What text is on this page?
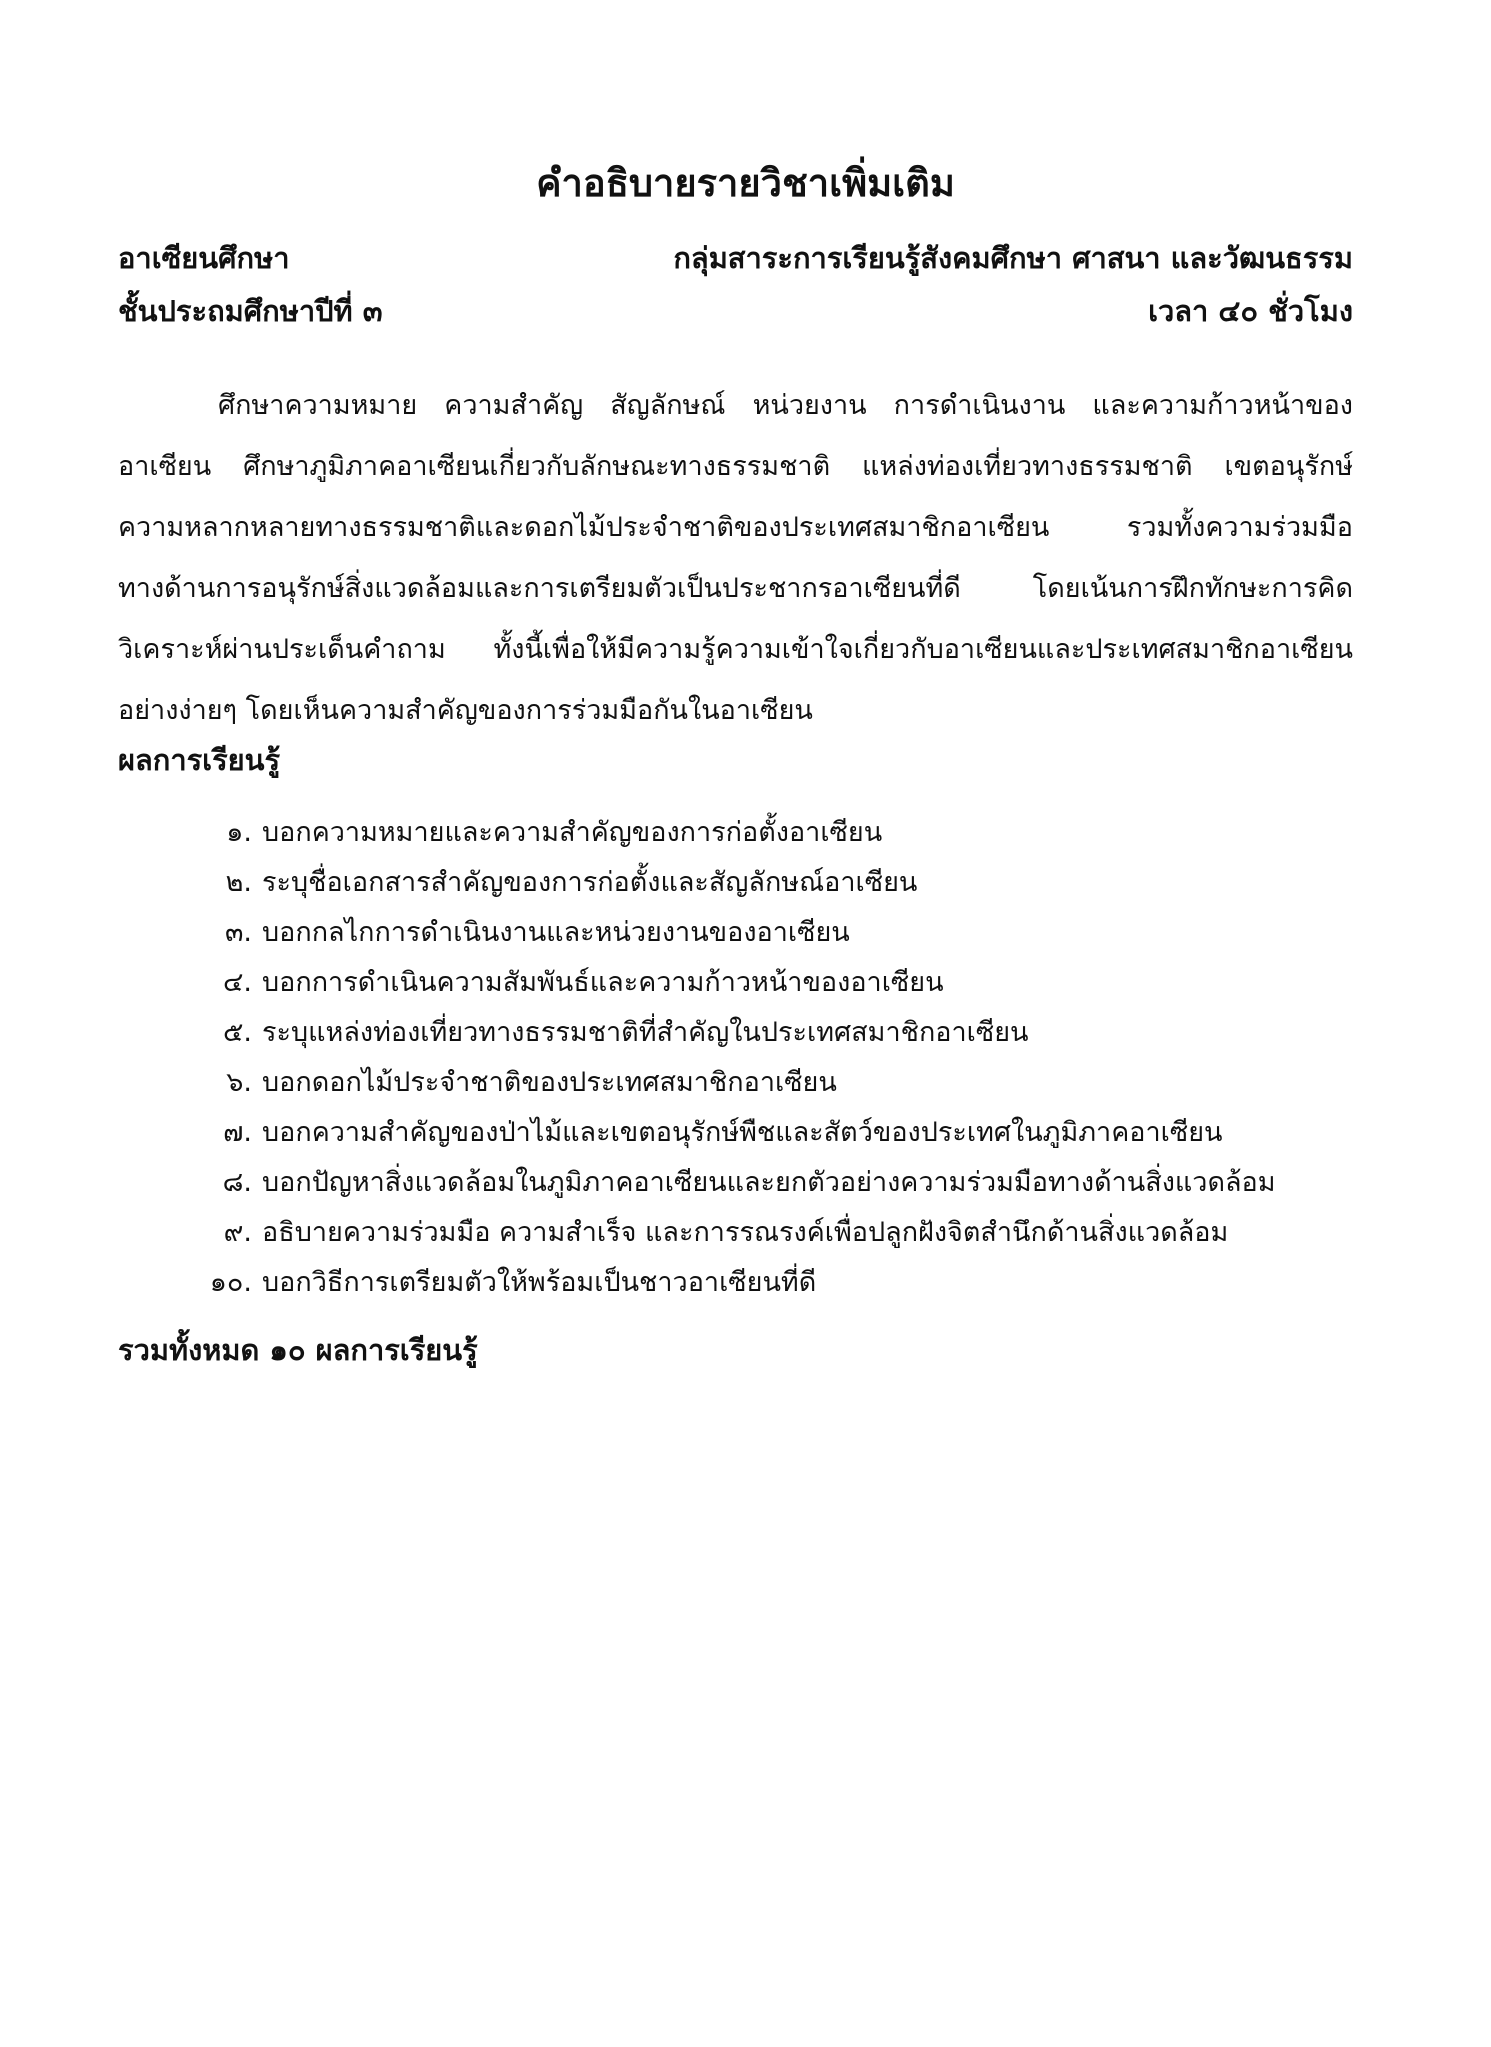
คำอธิบายรายวิชาเพิ่มเติม
อาเซียนศึกษา	กลุ่มสาระการเรียนรู้สังคมศึกษา ศาสนา และวัฒนธรรม
ชั้นประถมศึกษาปีที่ ๓	เวลา ๔๐ ชั่วโมง
ศึกษาความหมาย ความสำคัญ สัญลักษณ์ หน่วยงาน การดำเนินงาน และความก้าวหน้าของ
อาเซียน ศึกษาภูมิภาคอาเซียนเกี่ยวกับลักษณะทางธรรมชาติ แหล่งท่องเที่ยวทางธรรมชาติ เขตอนุรักษ์
ความหลากหลายทางธรรมชาติและดอกไม้ประจำชาติของประเทศสมาชิกอาเซียน รวมทั้งความร่วมมือ
ทางด้านการอนุรักษ์สิ่งแวดล้อมและการเตรียมตัวเป็นประชากรอาเซียนที่ดี โดยเน้นการฝึกทักษะการคิด
วิเคราะห์ผ่านประเด็นคำถาม ทั้งนี้เพื่อให้มีความรู้ความเข้าใจเกี่ยวกับอาเซียนและประเทศสมาชิกอาเซียน
อย่างง่ายๆ โดยเห็นความสำคัญของการร่วมมือกันในอาเซียน
ผลการเรียนรู้
๑. บอกความหมายและความสำคัญของการก่อตั้งอาเซียน
๒. ระบุชื่อเอกสารสำคัญของการก่อตั้งและสัญลักษณ์อาเซียน
๓. บอกกลไกการดำเนินงานและหน่วยงานของอาเซียน
๔. บอกการดำเนินความสัมพันธ์และความก้าวหน้าของอาเซียน
๕. ระบุแหล่งท่องเที่ยวทางธรรมชาติที่สำคัญในประเทศสมาชิกอาเซียน
๖. บอกดอกไม้ประจำชาติของประเทศสมาชิกอาเซียน
๗. บอกความสำคัญของป่าไม้และเขตอนุรักษ์พืชและสัตว์ของประเทศในภูมิภาคอาเซียน
๘. บอกปัญหาสิ่งแวดล้อมในภูมิภาคอาเซียนและยกตัวอย่างความร่วมมือทางด้านสิ่งแวดล้อม
๙. อธิบายความร่วมมือ ความสำเร็จ และการรณรงค์เพื่อปลูกฝังจิตสำนึกด้านสิ่งแวดล้อม
๑๐. บอกวิธีการเตรียมตัวให้พร้อมเป็นชาวอาเซียนที่ดี
รวมทั้งหมด ๑๐ ผลการเรียนรู้
